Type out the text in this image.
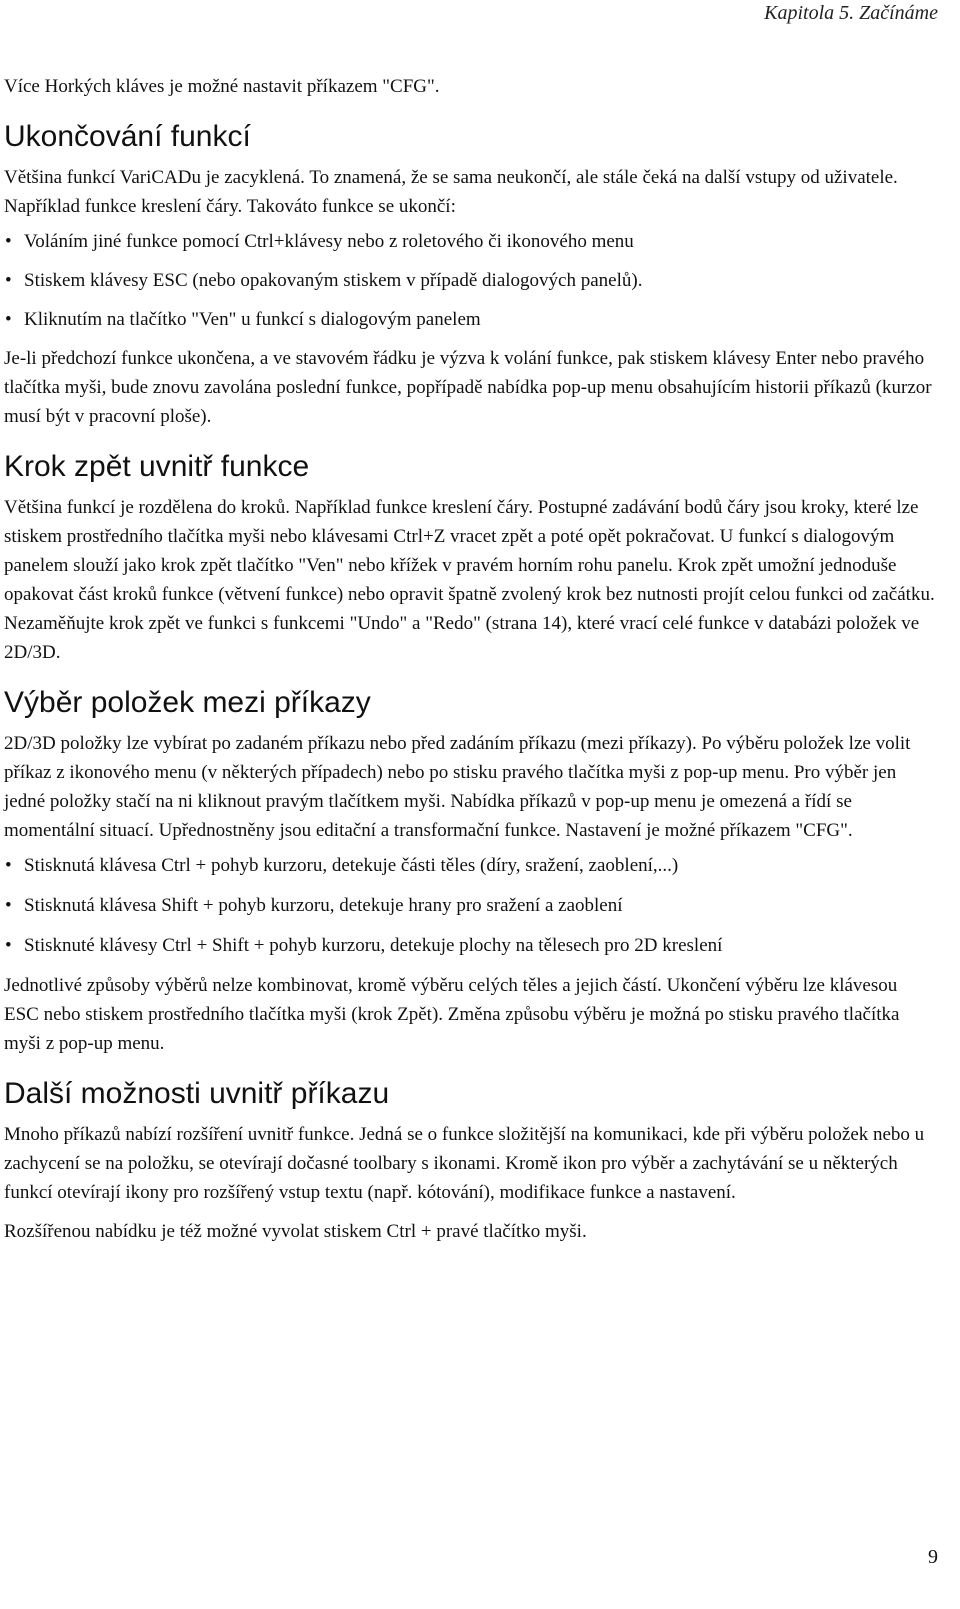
Kapitola 5. Začínáme

Více Horkých kláves je možné nastavit příkazem "CFG".

Ukončování funkcí

Většina funkcí VariCADu je zacyklená. To znamená, že se sama neukončí, ale stále čeká na další vstupy od uživatele. Například funkce kreslení čáry. Takováto funkce se ukončí:

• Voláním jiné funkce pomocí Ctrl+klávesy nebo z roletového či ikonového menu
• Stiskem klávesy ESC (nebo opakovaným stiskem v případě dialogových panelů).
• Kliknutím na tlačítko "Ven" u funkcí s dialogovým panelem

Je-li předchozí funkce ukončena, a ve stavovém řádku je výzva k volání funkce, pak stiskem klávesy Enter nebo pravého tlačítka myši, bude znovu zavolána poslední funkce, popřípadě nabídka pop-up menu obsahujícím historii příkazů (kurzor musí být v pracovní ploše).

Krok zpět uvnitř funkce

Většina funkcí je rozdělena do kroků. Například funkce kreslení čáry. Postupné zadávání bodů čáry jsou kroky, které lze stiskem prostředního tlačítka myši nebo klávesami Ctrl+Z vracet zpět a poté opět pokračovat. U funkcí s dialogovým panelem slouží jako krok zpět tlačítko "Ven" nebo křížek v pravém horním rohu panelu. Krok zpět umožní jednoduše opakovat část kroků funkce (větvení funkce) nebo opravit špatně zvolený krok bez nutnosti projít celou funkci od začátku. Nezaměňujte krok zpět ve funkci s funkcemi "Undo" a "Redo" (strana 14), které vrací celé funkce v databázi položek ve 2D/3D.

Výběr položek mezi příkazy

2D/3D položky lze vybírat po zadaném příkazu nebo před zadáním příkazu (mezi příkazy). Po výběru položek lze volit příkaz z ikonového menu (v některých případech) nebo po stisku pravého tlačítka myši z pop-up menu. Pro výběr jen jedné položky stačí na ni kliknout pravým tlačítkem myši. Nabídka příkazů v pop-up menu je omezená a řídí se momentální situací. Upřednostněny jsou editační a transformační funkce. Nastavení je možné příkazem "CFG".

• Stisknutá klávesa Ctrl + pohyb kurzoru, detekuje části těles (díry, sražení, zaoblení,...)
• Stisknutá klávesa Shift + pohyb kurzoru, detekuje hrany pro sražení a zaoblení
• Stisknuté klávesy Ctrl + Shift + pohyb kurzoru, detekuje plochy na tělesech pro 2D kreslení

Jednotlivé způsoby výběrů nelze kombinovat, kromě výběru celých těles a jejich částí. Ukončení výběru lze klávesou ESC nebo stiskem prostředního tlačítka myši (krok Zpět). Změna způsobu výběru je možná po stisku pravého tlačítka myši z pop-up menu.

Další možnosti uvnitř příkazu

Mnoho příkazů nabízí rozšíření uvnitř funkce. Jedná se o funkce složitější na komunikaci, kde při výběru položek nebo u zachycení se na položku, se otevírají dočasné toolbary s ikonami. Kromě ikon pro výběr a zachytávání se u některých funkcí otevírají ikony pro rozšířený vstup textu (např. kótování), modifikace funkce a nastavení.

Rozšířenou nabídku je též možné vyvolat stiskem Ctrl + pravé tlačítko myši.

9
